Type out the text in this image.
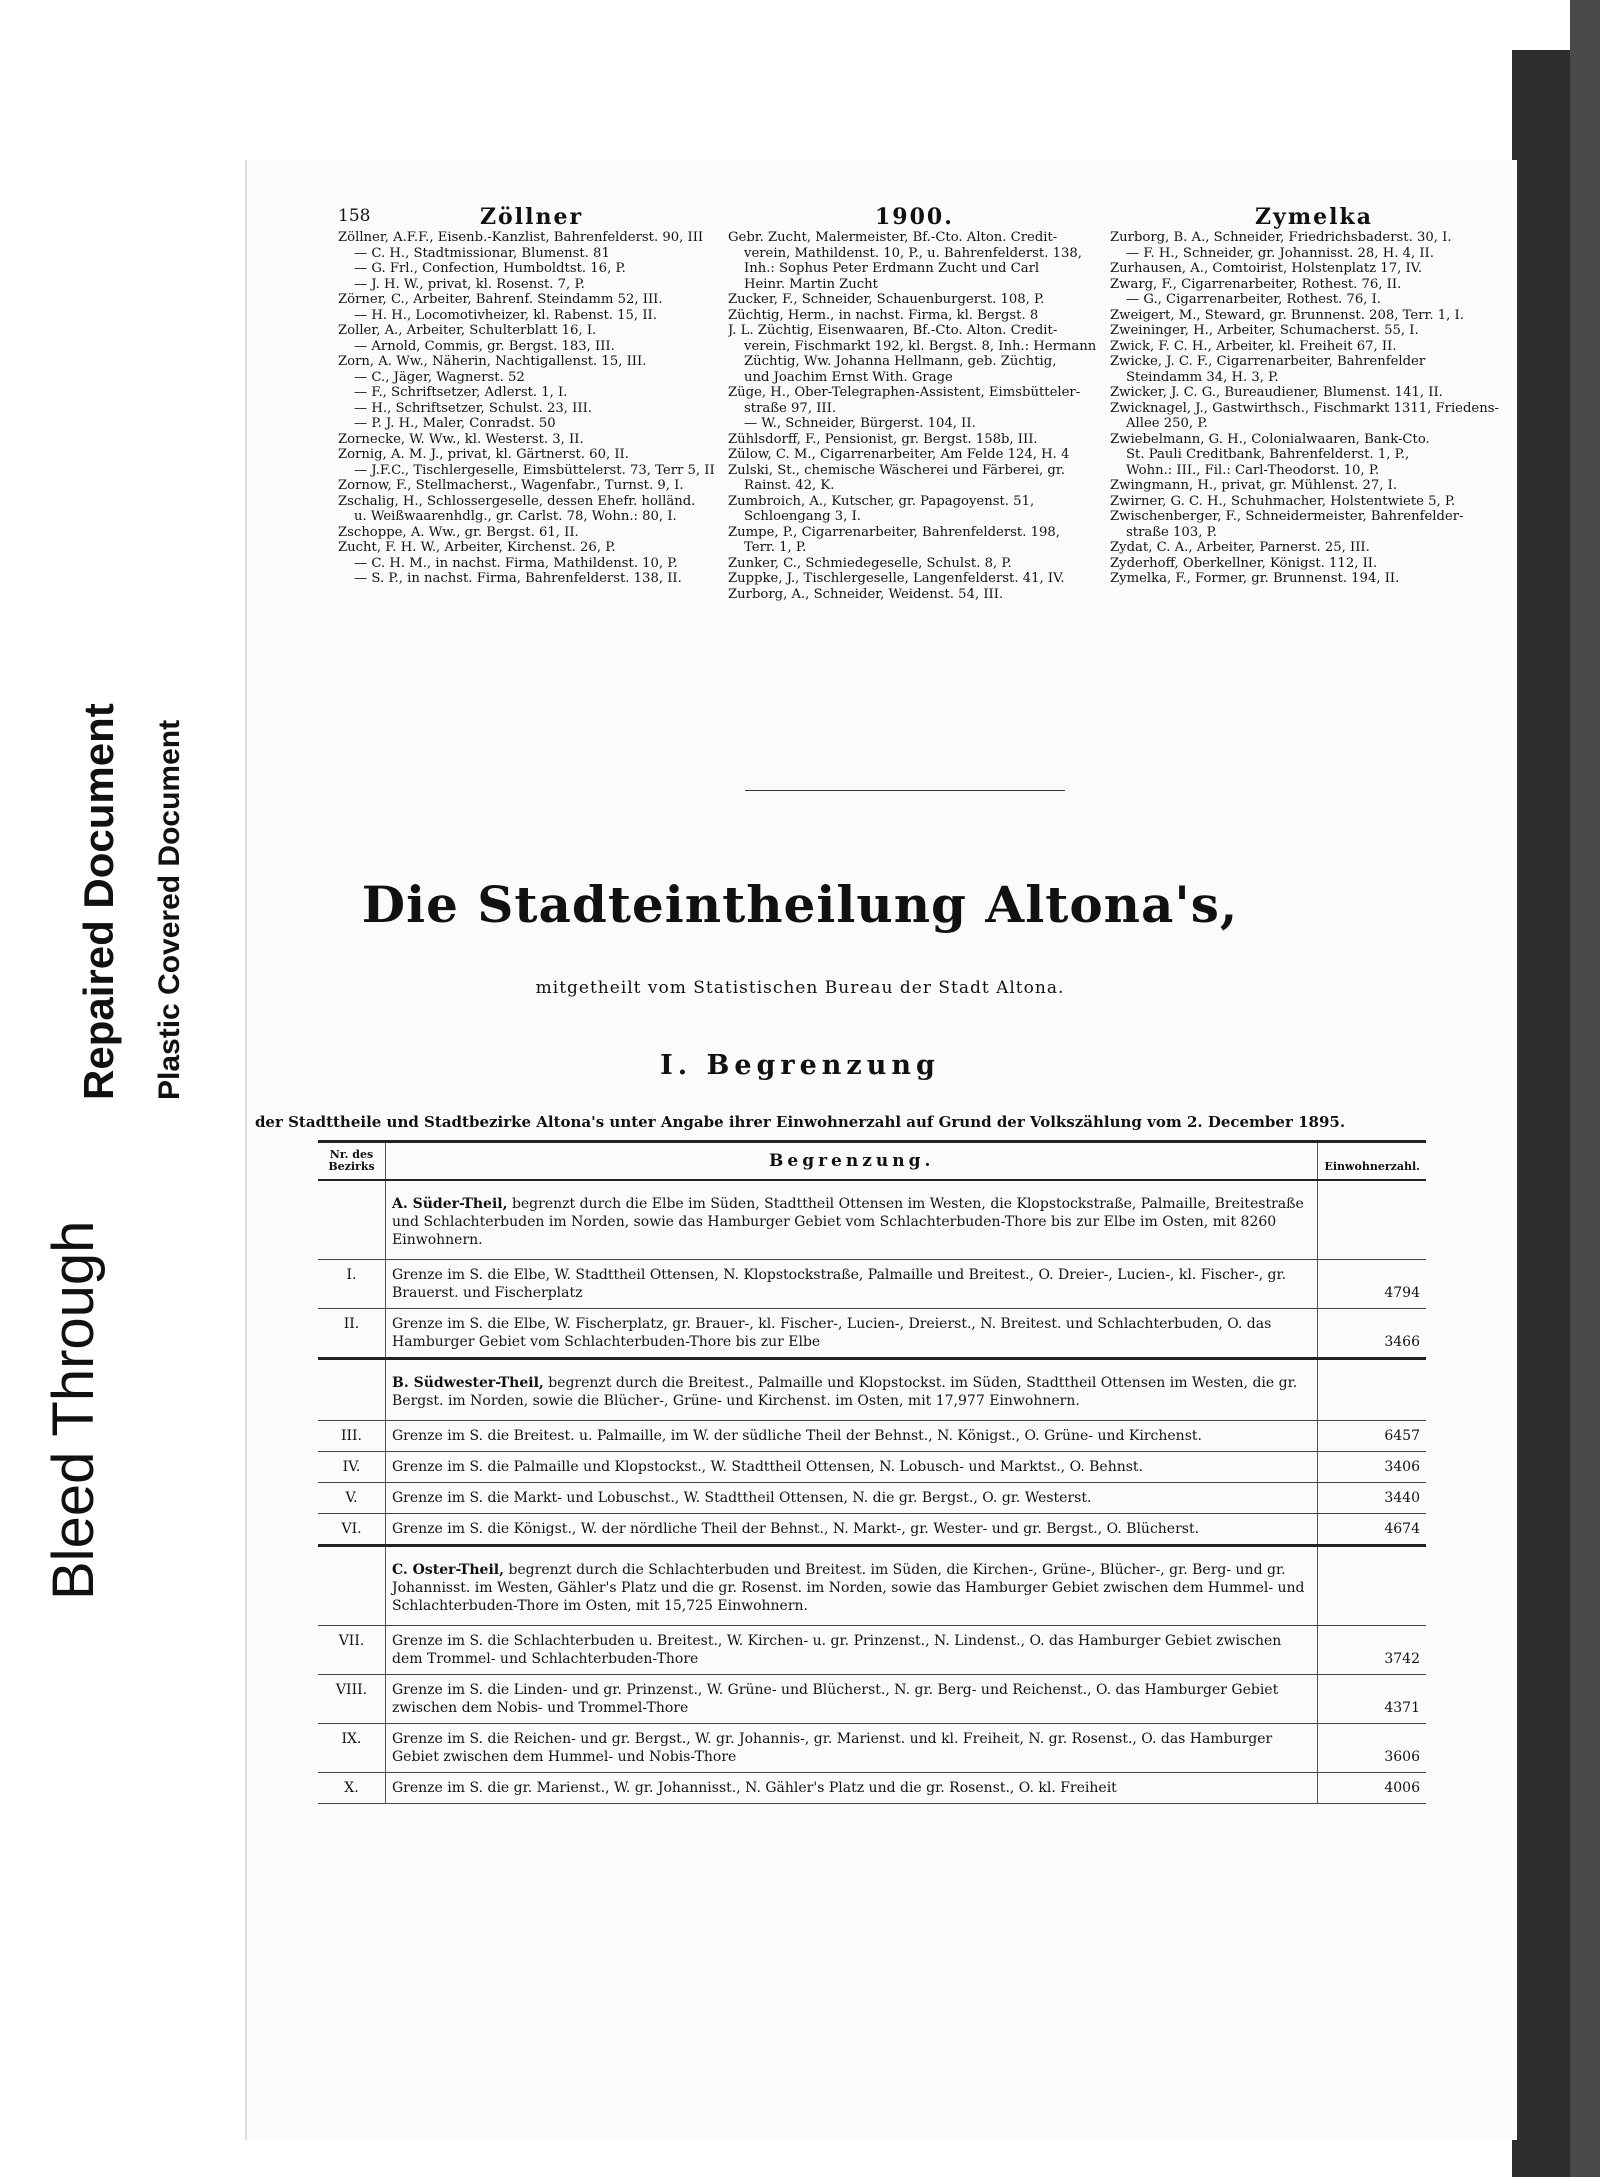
Bleed Through
Repaired Document Plastic Covered Document
158	Zöllner	1900.	Zymelka
Zöllner, A.F.F., Eisenb.-Kanzlist, Bahrenfelderst. 90, III
— C. H., Stadtmissionar, Blumenst. 81
— G. Frl., Confection, Humboldtst. 16, P.
— J. H. W., privat, kl. Rosenst. 7, P.
Zörner, C., Arbeiter, Bahrenf. Steindamm 52, III.
— H. H., Locomotivheizer, kl. Rabenst. 15, II.
Zoller, A., Arbeiter, Schulterblatt 16, I.
— Arnold, Commis, gr. Bergst. 183, III.
Zorn, A. Ww., Näherin, Nachtigallenst. 15, III.
— C., Jäger, Wagnerst. 52
— F., Schriftsetzer, Adlerst. 1, I.
— H., Schriftsetzer, Schulst. 23, III.
— P. J. H., Maler, Conradst. 50
Zornecke, W. Ww., kl. Westerst. 3, II.
Zornig, A. M. J., privat, kl. Gärtnerst. 60, II.
— J.F.C., Tischlergeselle, Eimsbüttelerst. 73, Terr 5, II
Zornow, F., Stellmacherst., Wagenfabr., Turnst. 9, I.
Zschalig, H., Schlossergeselle, dessen Ehefr. holländ.
u. Weißwaarenhdlg., gr. Carlst. 78, Wohn.: 80, I.
Zschoppe, A. Ww., gr. Bergst. 61, II.
Zucht, F. H. W., Arbeiter, Kirchenst. 26, P.
— C. H. M., in nachst. Firma, Mathildenst. 10, P.
— S. P., in nachst. Firma, Bahrenfelderst. 138, II.
Gebr. Zucht, Malermeister, Bf.-Cto. Alton. Credit-
verein, Mathildenst. 10, P., u. Bahrenfelderst. 138,
Inh.: Sophus Peter Erdmann Zucht und Carl
Heinr. Martin Zucht
Zucker, F., Schneider, Schauenburgerst. 108, P.
Züchtig, Herm., in nachst. Firma, kl. Bergst. 8
J. L. Züchtig, Eisenwaaren, Bf.-Cto. Alton. Credit-
verein, Fischmarkt 192, kl. Bergst. 8, Inh.: Hermann
Züchtig, Ww. Johanna Hellmann, geb. Züchtig,
und Joachim Ernst With. Grage
Züge, H., Ober-Telegraphen-Assistent, Eimsbütteler-
straße 97, III.
— W., Schneider, Bürgerst. 104, II.
Zühlsdorff, F., Pensionist, gr. Bergst. 158b, III.
Zülow, C. M., Cigarrenarbeiter, Am Felde 124, H. 4
Zulski, St., chemische Wäscherei und Färberei, gr.
Rainst. 42, K.
Zumbroich, A., Kutscher, gr. Papagoyenst. 51,
Schloengang 3, I.
Zumpe, P., Cigarrenarbeiter, Bahrenfelderst. 198,
Terr. 1, P.
Zunker, C., Schmiedegeselle, Schulst. 8, P.
Zuppke, J., Tischlergeselle, Langenfelderst. 41, IV.
Zurborg, A., Schneider, Weidenst. 54, III.
Zurborg, B. A., Schneider, Friedrichsbaderst. 30, I.
— F. H., Schneider, gr. Johannisst. 28, H. 4, II.
Zurhausen, A., Comtoirist, Holstenplatz 17, IV.
Zwarg, F., Cigarrenarbeiter, Rothest. 76, II.
— G., Cigarrenarbeiter, Rothest. 76, I.
Zweigert, M., Steward, gr. Brunnenst. 208, Terr. 1, I.
Zweininger, H., Arbeiter, Schumacherst. 55, I.
Zwick, F. C. H., Arbeiter, kl. Freiheit 67, II.
Zwicke, J. C. F., Cigarrenarbeiter, Bahrenfelder
Steindamm 34, H. 3, P.
Zwicker, J. C. G., Bureaudiener, Blumenst. 141, II.
Zwicknagel, J., Gastwirthsch., Fischmarkt 1311, Friedens-
Allee 250, P.
Zwiebelmann, G. H., Colonialwaaren, Bank-Cto.
St. Pauli Creditbank, Bahrenfelderst. 1, P.,
Wohn.: III., Fil.: Carl-Theodorst. 10, P.
Zwingmann, H., privat, gr. Mühlenst. 27, I.
Zwirner, G. C. H., Schuhmacher, Holstentwiete 5, P.
Zwischenberger, F., Schneidermeister, Bahrenfelder-
straße 103, P.
Zydat, C. A., Arbeiter, Parnerst. 25, III.
Zyderhoff, Oberkellner, Königst. 112, II.
Zymelka, F., Former, gr. Brunnenst. 194, II.
Die Stadteintheilung Altona's,
mitgetheilt vom Statistischen Bureau der Stadt Altona.
I. Begrenzung
der Stadttheile und Stadtbezirke Altona's unter Angabe ihrer Einwohnerzahl auf Grund der Volkszählung vom 2. December 1895.
Nr. des Bezirks	Begrenzung.	Einwohnerzahl.
	A. Süder-Theil, begrenzt durch die Elbe im Süden, Stadttheil Ottensen im Westen, die Klopstockstraße, Palmaille, Breitestraße und Schlachterbuden im Norden, sowie das Hamburger Gebiet vom Schlachterbuden-Thore bis zur Elbe im Osten, mit 8260 Einwohnern.	
I.	Grenze im S. die Elbe, W. Stadttheil Ottensen, N. Klopstockstraße, Palmaille und Breitest., O. Dreier-, Lucien-, kl. Fischer-, gr. Brauerst. und Fischerplatz	4794
II.	Grenze im S. die Elbe, W. Fischerplatz, gr. Brauer-, kl. Fischer-, Lucien-, Dreierst., N. Breitest. und Schlachterbuden, O. das Hamburger Gebiet vom Schlachterbuden-Thore bis zur Elbe	3466
	B. Südwester-Theil, begrenzt durch die Breitest., Palmaille und Klopstockst. im Süden, Stadttheil Ottensen im Westen, die gr. Bergst. im Norden, sowie die Blücher-, Grüne- und Kirchenst. im Osten, mit 17,977 Einwohnern.	
III.	Grenze im S. die Breitest. u. Palmaille, im W. der südliche Theil der Behnst., N. Königst., O. Grüne- und Kirchenst.	6457
IV.	Grenze im S. die Palmaille und Klopstockst., W. Stadttheil Ottensen, N. Lobusch- und Marktst., O. Behnst.	3406
V.	Grenze im S. die Markt- und Lobuschst., W. Stadttheil Ottensen, N. die gr. Bergst., O. gr. Westerst.	3440
VI.	Grenze im S. die Königst., W. der nördliche Theil der Behnst., N. Markt-, gr. Wester- und gr. Bergst., O. Blücherst.	4674
	C. Oster-Theil, begrenzt durch die Schlachterbuden und Breitest. im Süden, die Kirchen-, Grüne-, Blücher-, gr. Berg- und gr. Johannisst. im Westen, Gähler's Platz und die gr. Rosenst. im Norden, sowie das Hamburger Gebiet zwischen dem Hummel- und Schlachterbuden-Thore im Osten, mit 15,725 Einwohnern.	
VII.	Grenze im S. die Schlachterbuden u. Breitest., W. Kirchen- u. gr. Prinzenst., N. Lindenst., O. das Hamburger Gebiet zwischen dem Trommel- und Schlachterbuden-Thore	3742
VIII.	Grenze im S. die Linden- und gr. Prinzenst., W. Grüne- und Blücherst., N. gr. Berg- und Reichenst., O. das Hamburger Gebiet zwischen dem Nobis- und Trommel-Thore	4371
IX.	Grenze im S. die Reichen- und gr. Bergst., W. gr. Johannis-, gr. Marienst. und kl. Freiheit, N. gr. Rosenst., O. das Hamburger Gebiet zwischen dem Hummel- und Nobis-Thore	3606
X.	Grenze im S. die gr. Marienst., W. gr. Johannisst., N. Gähler's Platz und die gr. Rosenst., O. kl. Freiheit	4006
